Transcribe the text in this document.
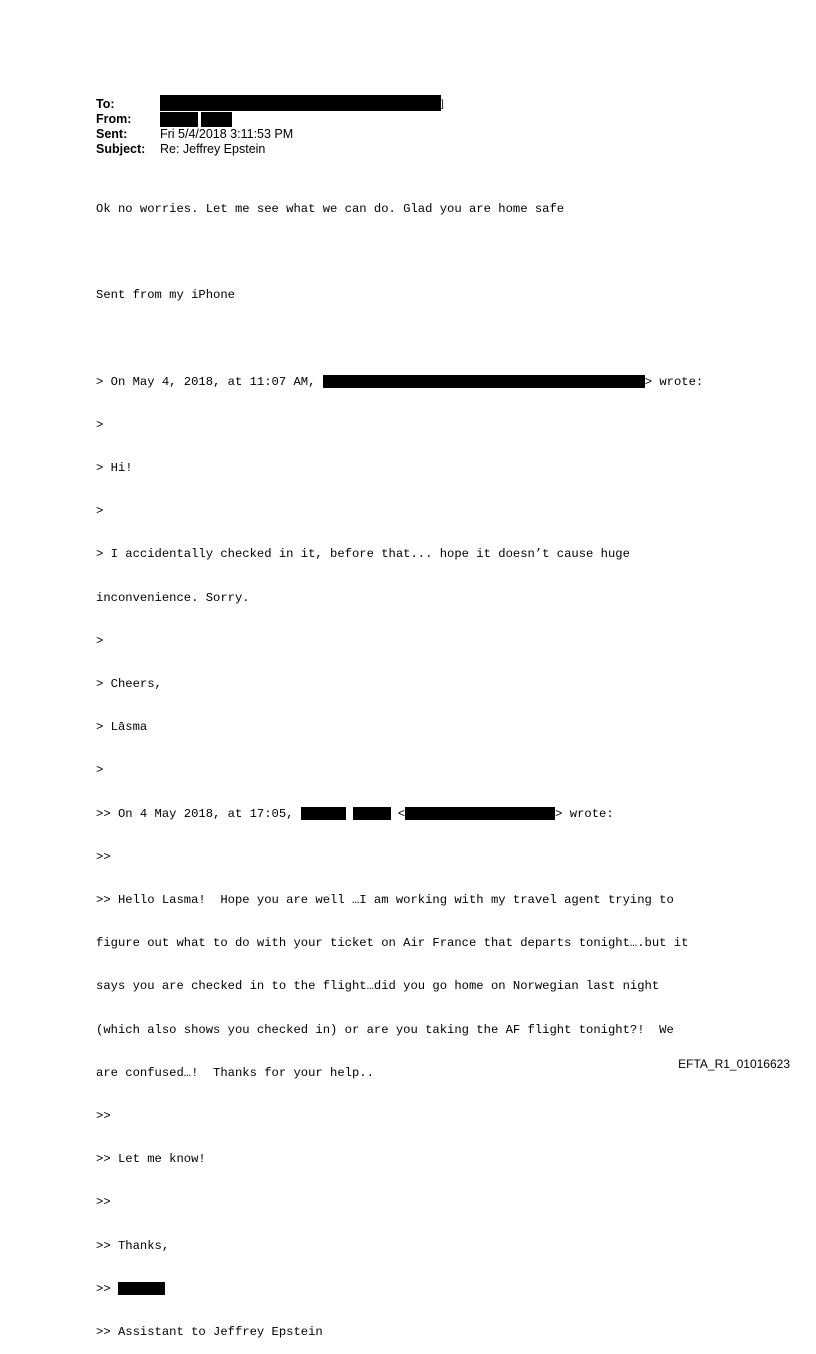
To:	]
From:
Sent:	Fri 5/4/2018 3:11:53 PM
Subject: Re: Jeffrey Epstein

Ok no worries. Let me see what we can do. Glad you are home safe

Sent from my iPhone

> On May 4, 2018, at 11:07 AM,	> wrote:

>

> Hi!

>

> I accidentally checked in it, before that... hope it doesn’t cause huge

inconvenience. Sorry.

>

> Cheers,

> Lāsma

>

>> On 4 May 2018, at 17:05,	<	> wrote:

>>

>> Hello Lasma!  Hope you are well …I am working with my travel agent trying to

figure out what to do with your ticket on Air France that departs tonight….but it

says you are checked in to the flight…did you go home on Norwegian last night

(which also shows you checked in) or are you taking the AF flight tonight?!  We

are confused…!  Thanks for your help..

>>

>> Let me know!

>>

>> Thanks,

>>

>> Assistant to Jeffrey Epstein

EFTA_R1_01016623
